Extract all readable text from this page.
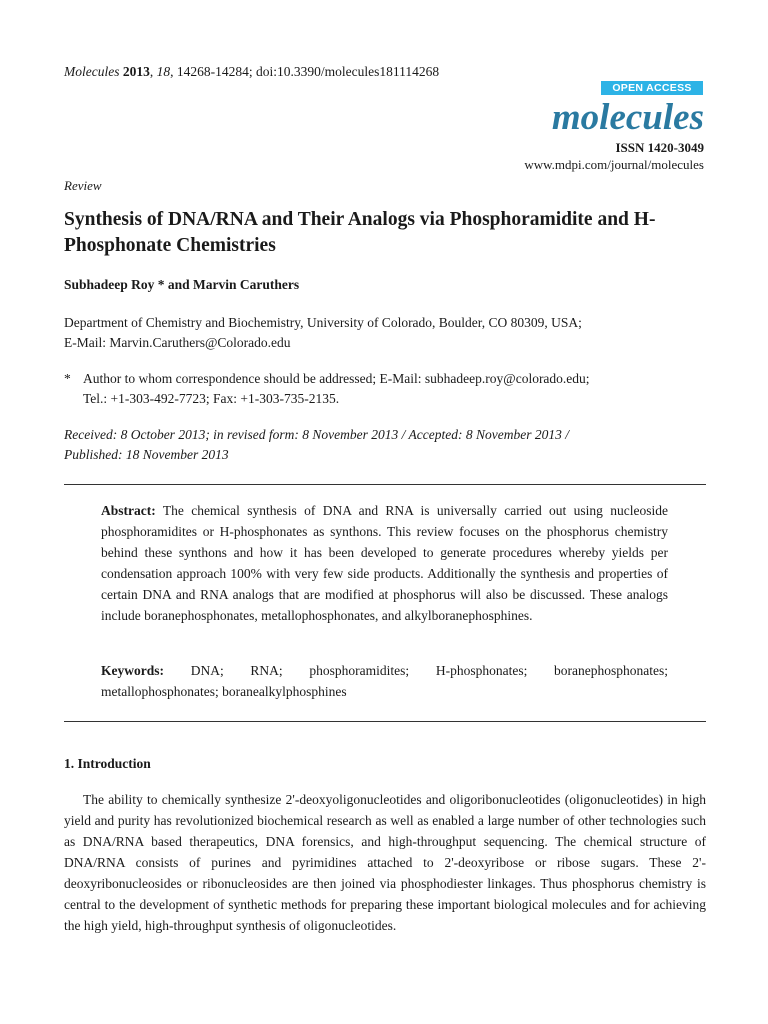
Molecules 2013, 18, 14268-14284; doi:10.3390/molecules181114268
OPEN ACCESS
molecules
ISSN 1420-3049
www.mdpi.com/journal/molecules
Review
Synthesis of DNA/RNA and Their Analogs via Phosphoramidite and H-Phosphonate Chemistries
Subhadeep Roy * and Marvin Caruthers
Department of Chemistry and Biochemistry, University of Colorado, Boulder, CO 80309, USA;
E-Mail: Marvin.Caruthers@Colorado.edu
* Author to whom correspondence should be addressed; E-Mail: subhadeep.roy@colorado.edu;
Tel.: +1-303-492-7723; Fax: +1-303-735-2135.
Received: 8 October 2013; in revised form: 8 November 2013 / Accepted: 8 November 2013 /
Published: 18 November 2013
Abstract: The chemical synthesis of DNA and RNA is universally carried out using nucleoside phosphoramidites or H-phosphonates as synthons. This review focuses on the phosphorus chemistry behind these synthons and how it has been developed to generate procedures whereby yields per condensation approach 100% with very few side products. Additionally the synthesis and properties of certain DNA and RNA analogs that are modified at phosphorus will also be discussed. These analogs include boranephosphonates, metallophosphonates, and alkylboranephosphines.
Keywords: DNA; RNA; phosphoramidites; H-phosphonates; boranephosphonates; metallophosphonates; boranealkylphosphines
1. Introduction
The ability to chemically synthesize 2'-deoxyoligonucleotides and oligoribonucleotides (oligonucleotides) in high yield and purity has revolutionized biochemical research as well as enabled a large number of other technologies such as DNA/RNA based therapeutics, DNA forensics, and high-throughput sequencing. The chemical structure of DNA/RNA consists of purines and pyrimidines attached to 2'-deoxyribose or ribose sugars. These 2'-deoxyribonucleosides or ribonucleosides are then joined via phosphodiester linkages. Thus phosphorus chemistry is central to the development of synthetic methods for preparing these important biological molecules and for achieving the high yield, high-throughput synthesis of oligonucleotides.
